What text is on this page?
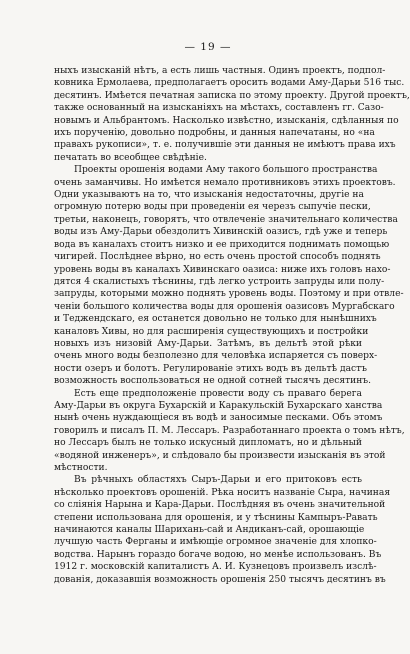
— 19 —
ныхъ изысканій нѣтъ, а есть лишь частныя. Одинъ проектъ, подпол-
ковника Ермолаева, предполагаетъ оросить водами Аму-Дарьи 516 тыс.
десятинъ. Имѣется печатная записка по этому проекту. Другой проектъ,
также основанный на изысканіяхъ на мѣстахъ, составленъ гг. Сазо-
новымъ и Альбрантомъ. Насколько извѣстно, изысканія, сдѣланныя по
ихъ порученію, довольно подробны, и данныя напечатаны, но «на
правахъ рукописи», т. е. получившіе эти данныя не имѣютъ права ихъ
печатать во всеобщее свѣдѣніе.
Проекты орошенія водами Аму такого большого пространства
очень заманчивы. Но имѣется немало противниковъ этихъ проектовъ.
Одни указываютъ на то, что изысканія недостаточны, другіе на
огромную потерю воды при проведеніи ея черезъ сыпучіе пески,
третьи, наконецъ, говорятъ, что отвлеченіе значительнаго количества
воды изъ Аму-Дарьи обездолитъ Хивинскій оазисъ, гдѣ уже и теперь
вода въ каналахъ стоитъ низко и ее приходится поднимать помощью
чигирей. Послѣднее вѣрно, но есть очень простой способъ поднять
уровень воды въ каналахъ Хивинскаго оазиса: ниже ихъ головъ нахо-
дятся 4 скалистыхъ тѣснины, гдѣ легко устроить запруды или полу-
запруды, которыми можно поднять уровень воды. Поэтому и при отвле-
ченіи большого количества воды для орошенія оазисовъ Мургабскаго
и Теджендскаго, ея останется довольно не только для нынѣшнихъ
каналовъ Хивы, но для расширенія существующихъ и постройки
новыхъ изъ низовій Аму-Дарьи. Затѣмъ, въ дельтѣ этой рѣки
очень много воды безполезно для человѣка испаряется съ поверх-
ности озеръ и болотъ. Регулированіе этихъ водъ въ дельтѣ дастъ
возможность воспользоваться не одной сотней тысячъ десятинъ.
Есть еще предположеніе провести воду съ праваго берега
Аму-Дарьи въ округа Бухарскій и Каракульскій Бухарскаго ханства
нынѣ очень нуждающіеся въ водѣ и заносимые песками. Объ этомъ
говорилъ и писалъ П. М. Лессаръ. Разработаннаго проекта о томъ нѣтъ,
но Лессаръ былъ не только искусный дипломатъ, но и дѣльный
«водяной инженеръ», и слѣдовало бы произвести изысканія въ этой
мѣстности.
Въ рѣчныхъ областяхъ Сыръ-Дарьи и его притоковъ есть
нѣсколько проектовъ орошеній. Рѣка носитъ названіе Сыра, начиная
со слiянія Нарына и Кара-Дарьи. Послѣдняя въ очень значительной
степени использована для орошенія, и у тѣснины Кампыръ-Равать
начинаются каналы Шарихань-сай и Андиканъ-сай, орошающіе
лучшую часть Ферганы и имѣющіе огромное значеніе для хлопко-
водства. Нарынъ гораздо богаче водою, но менѣе использованъ. Въ
1912 г. московскій капиталистъ А. И. Кузнецовъ произвелъ изслѣ-
дованія, доказавшія возможность орошенія 250 тысячъ десятинъ въ
